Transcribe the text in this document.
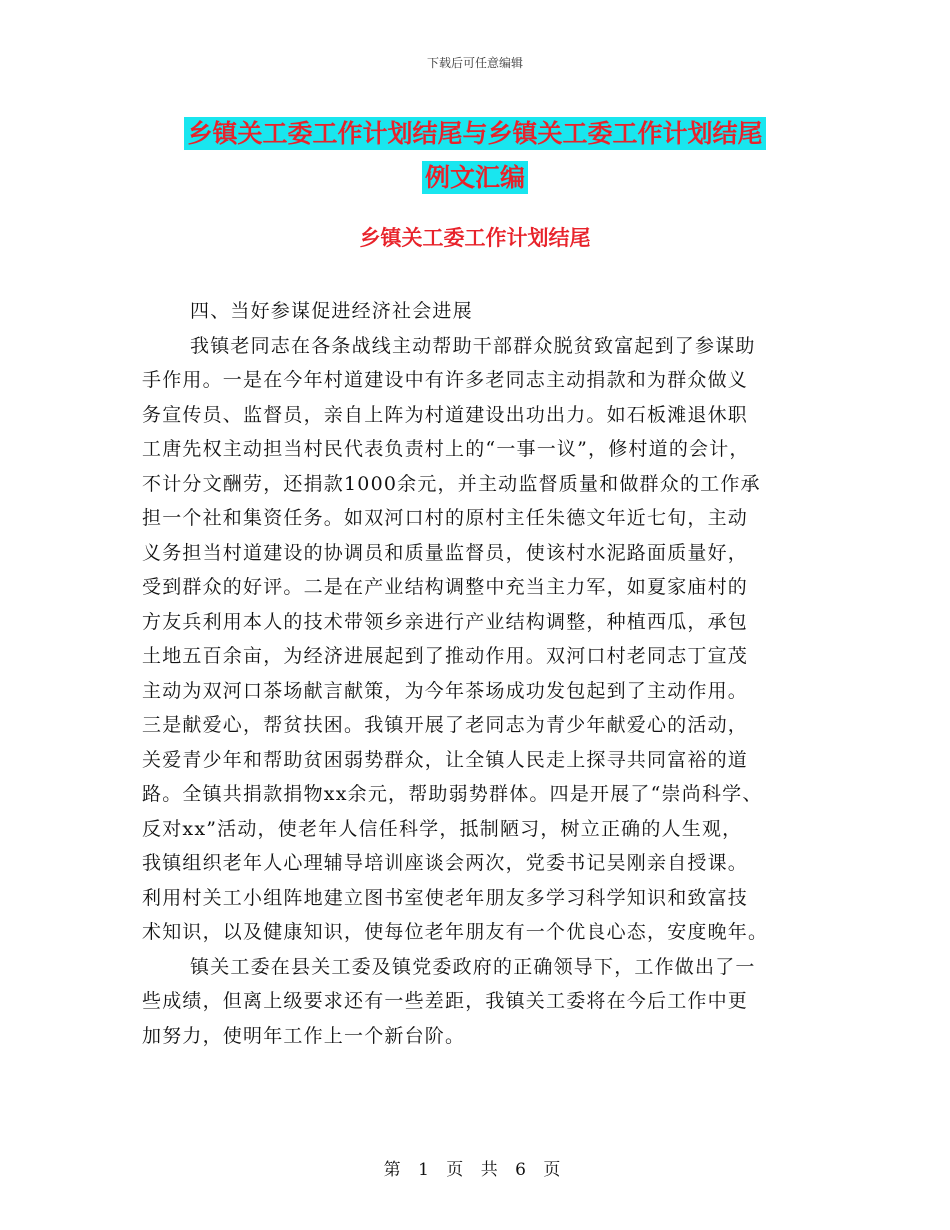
下载后可任意编辑
乡镇关工委工作计划结尾与乡镇关工委工作计划结尾
例文汇编
乡镇关工委工作计划结尾
四、当好参谋促进经济社会进展
我镇老同志在各条战线主动帮助干部群众脱贫致富起到了参谋助
手作用。一是在今年村道建设中有许多老同志主动捐款和为群众做义
务宣传员、监督员，亲自上阵为村道建设出功出力。如石板滩退休职
工唐先权主动担当村民代表负责村上的“一事一议”，修村道的会计，
不计分文酬劳，还捐款1000余元，并主动监督质量和做群众的工作承
担一个社和集资任务。如双河口村的原村主任朱德文年近七旬，主动
义务担当村道建设的协调员和质量监督员，使该村水泥路面质量好，
受到群众的好评。二是在产业结构调整中充当主力军，如夏家庙村的
方友兵利用本人的技术带领乡亲进行产业结构调整，种植西瓜，承包
土地五百余亩，为经济进展起到了推动作用。双河口村老同志丁宣茂
主动为双河口茶场献言献策，为今年茶场成功发包起到了主动作用。
三是献爱心，帮贫扶困。我镇开展了老同志为青少年献爱心的活动，
关爱青少年和帮助贫困弱势群众，让全镇人民走上探寻共同富裕的道
路。全镇共捐款捐物xx余元，帮助弱势群体。四是开展了“崇尚科学、
反对xx”活动，使老年人信任科学，抵制陋习，树立正确的人生观，
我镇组织老年人心理辅导培训座谈会两次，党委书记吴刚亲自授课。
利用村关工小组阵地建立图书室使老年朋友多学习科学知识和致富技
术知识，以及健康知识，使每位老年朋友有一个优良心态，安度晚年。
镇关工委在县关工委及镇党委政府的正确领导下，工作做出了一
些成绩，但离上级要求还有一些差距，我镇关工委将在今后工作中更
加努力，使明年工作上一个新台阶。
第 1 页 共 6 页
